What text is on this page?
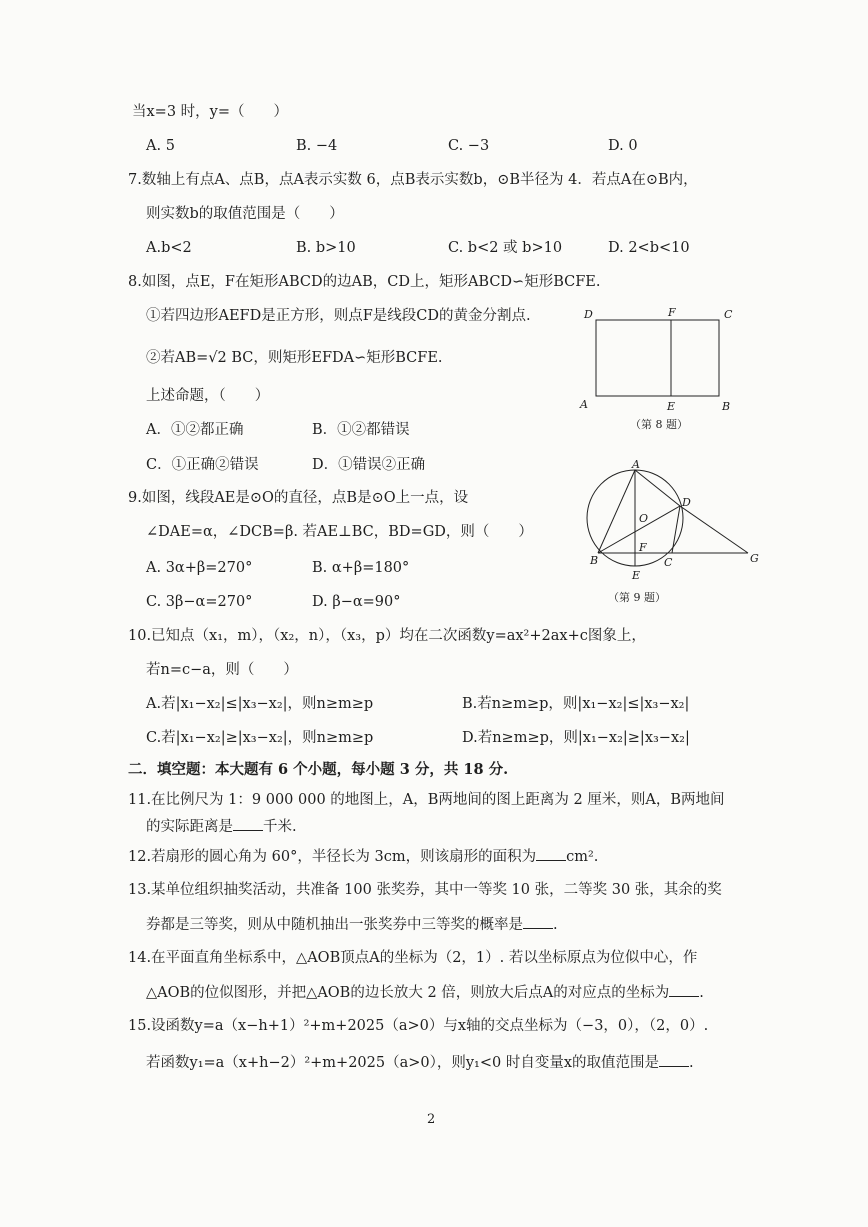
当x=3 时，y=（　　）
A. 5	B. −4	C. −3	D. 0
7.数轴上有点A、点B，点A表示实数 6，点B表示实数b，⊙B半径为 4．若点A在⊙B内，
则实数b的取值范围是（　　）
A.b<2	B. b>10	C. b<2 或 b>10	D. 2<b<10
8.如图，点E，F在矩形ABCD的边AB，CD上，矩形ABCD∽矩形BCFE.
①若四边形AEFD是正方形，则点F是线段CD的黄金分割点.
②若AB=√2 BC，则矩形EFDA∽矩形BCFE.
上述命题，（　　）
A．①②都正确	B．①②都错误
C．①正确②错误	D．①错误②正确
D	F	C
A	E	B
（第 8 题）
9.如图，线段AE是⊙O的直径，点B是⊙O上一点，设
∠DAE=α，∠DCB=β. 若AE⊥BC，BD=GD，则（　　）
A. 3α+β=270°	B. α+β=180°
C. 3β−α=270°	D. β−α=90°
A
D
O
B
F
C
E
G
（第 9 题）
10.已知点（x₁，m），（x₂，n），（x₃，p）均在二次函数y=ax²+2ax+c图象上，
若n=c−a，则（　　）
A.若|x₁−x₂|≤|x₃−x₂|，则n≥m≥p	B.若n≥m≥p，则|x₁−x₂|≤|x₃−x₂|
C.若|x₁−x₂|≥|x₃−x₂|，则n≥m≥p	D.若n≥m≥p，则|x₁−x₂|≥|x₃−x₂|
二．填空题：本大题有 6 个小题，每小题 3 分，共 18 分.
11.在比例尺为 1：9 000 000 的地图上，A，B两地间的图上距离为 2 厘米，则A，B两地间
的实际距离是 千米.
12.若扇形的圆心角为 60°，半径长为 3cm，则该扇形的面积为 cm².
13.某单位组织抽奖活动，共准备 100 张奖券，其中一等奖 10 张，二等奖 30 张，其余的奖
券都是三等奖，则从中随机抽出一张奖券中三等奖的概率是 .
14.在平面直角坐标系中，△AOB顶点A的坐标为（2，1）. 若以坐标原点为位似中心，作
△AOB的位似图形，并把△AOB的边长放大 2 倍，则放大后点A的对应点的坐标为 .
15.设函数y=a（x−h+1）²+m+2025（a>0）与x轴的交点坐标为（−3，0），（2，0）.
若函数y₁=a（x+h−2）²+m+2025（a>0），则y₁<0 时自变量x的取值范围是 .
2
